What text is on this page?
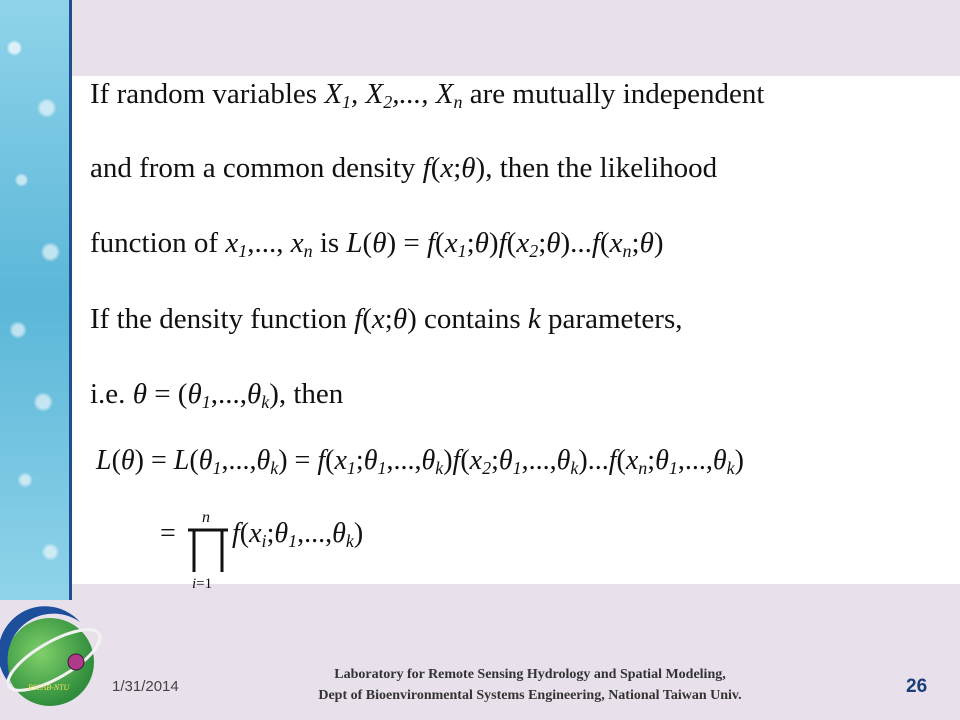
If random variables $X_1$, $X_2$,..., $X_n$ are mutually independent
and from a common density f(x;θ), then the likelihood
function of $x_1$,..., $x_n$ is $L(\theta) = f(x_1;\theta)f(x_2;\theta)...f(x_n;\theta)$
If the density function f(x;θ) contains k parameters,
i.e. $\theta = (\theta_1,...,\theta_k)$, then
$L(\theta) = L(\theta_1,...,\theta_k)$ = $f(x_1;\theta_1,...,\theta_k)f(x_2;\theta_1,...,\theta_k)...f(x_n;\theta_1,...,\theta_k)$
=
n
i=1
$f(x_i;\theta_1,...,\theta_k)$
RSLAB-NTU	1/31/2014
Laboratory for Remote Sensing Hydrology and Spatial Modeling,
Dept of Bioenvironmental Systems Engineering, National Taiwan Univ.	26
